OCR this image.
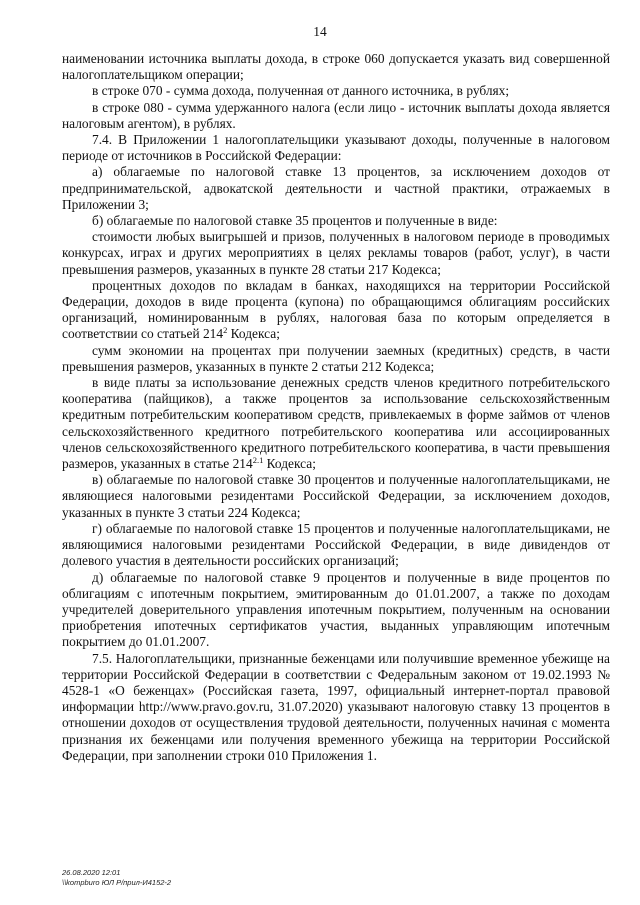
14

наименовании источника выплаты дохода, в строке 060 допускается указать вид совершенной налогоплательщиком операции;

в строке 070 - сумма дохода, полученная от данного источника, в рублях;

в строке 080 - сумма удержанного налога (если лицо - источник выплаты дохода является налоговым агентом), в рублях.

7.4. В Приложении 1 налогоплательщики указывают доходы, полученные в налоговом периоде от источников в Российской Федерации:

а) облагаемые по налоговой ставке 13 процентов, за исключением доходов от предпринимательской, адвокатской деятельности и частной практики, отражаемых в Приложении 3;

б) облагаемые по налоговой ставке 35 процентов и полученные в виде:

стоимости любых выигрышей и призов, полученных в налоговом периоде в проводимых конкурсах, играх и других мероприятиях в целях рекламы товаров (работ, услуг), в части превышения размеров, указанных в пункте 28 статьи 217 Кодекса;

процентных доходов по вкладам в банках, находящихся на территории Российской Федерации, доходов в виде процента (купона) по обращающимся облигациям российских организаций, номинированным в рублях, налоговая база по которым определяется в соответствии со статьей $214^2$ Кодекса;

сумм экономии на процентах при получении заемных (кредитных) средств, в части превышения размеров, указанных в пункте 2 статьи 212 Кодекса;

в виде платы за использование денежных средств членов кредитного потребительского кооператива (пайщиков), а также процентов за использование сельскохозяйственным кредитным потребительским кооперативом средств, привлекаемых в форме займов от членов сельскохозяйственного кредитного потребительского кооператива или ассоциированных членов сельскохозяйственного кредитного потребительского кооператива, в части превышения размеров, указанных в статье $214^{2.1}$ Кодекса;

в) облагаемые по налоговой ставке 30 процентов и полученные налогоплательщиками, не являющиеся налоговыми резидентами Российской Федерации, за исключением доходов, указанных в пункте 3 статьи 224 Кодекса;

г) облагаемые по налоговой ставке 15 процентов и полученные налогоплательщиками, не являющимися налоговыми резидентами Российской Федерации, в виде дивидендов от долевого участия в деятельности российских организаций;

д) облагаемые по налоговой ставке 9 процентов и полученные в виде процентов по облигациям с ипотечным покрытием, эмитированным до 01.01.2007, а также по доходам учредителей доверительного управления ипотечным покрытием, полученным на основании приобретения ипотечных сертификатов участия, выданных управляющим ипотечным покрытием до 01.01.2007.

7.5. Налогоплательщики, признанные беженцами или получившие временное убежище на территории Российской Федерации в соответствии с Федеральным законом от 19.02.1993 № 4528-1 «О беженцах» (Российская газета, 1997, официальный интернет-портал правовой информации http://www.pravo.gov.ru, 31.07.2020) указывают налоговую ставку 13 процентов в отношении доходов от осуществления трудовой деятельности, полученных начиная с момента признания их беженцами или получения временного убежища на территории Российской Федерации, при заполнении строки 010 Приложения 1.

26.08.2020 12:01
\\kompburo ЮЛ Р/прил-И4152-2
